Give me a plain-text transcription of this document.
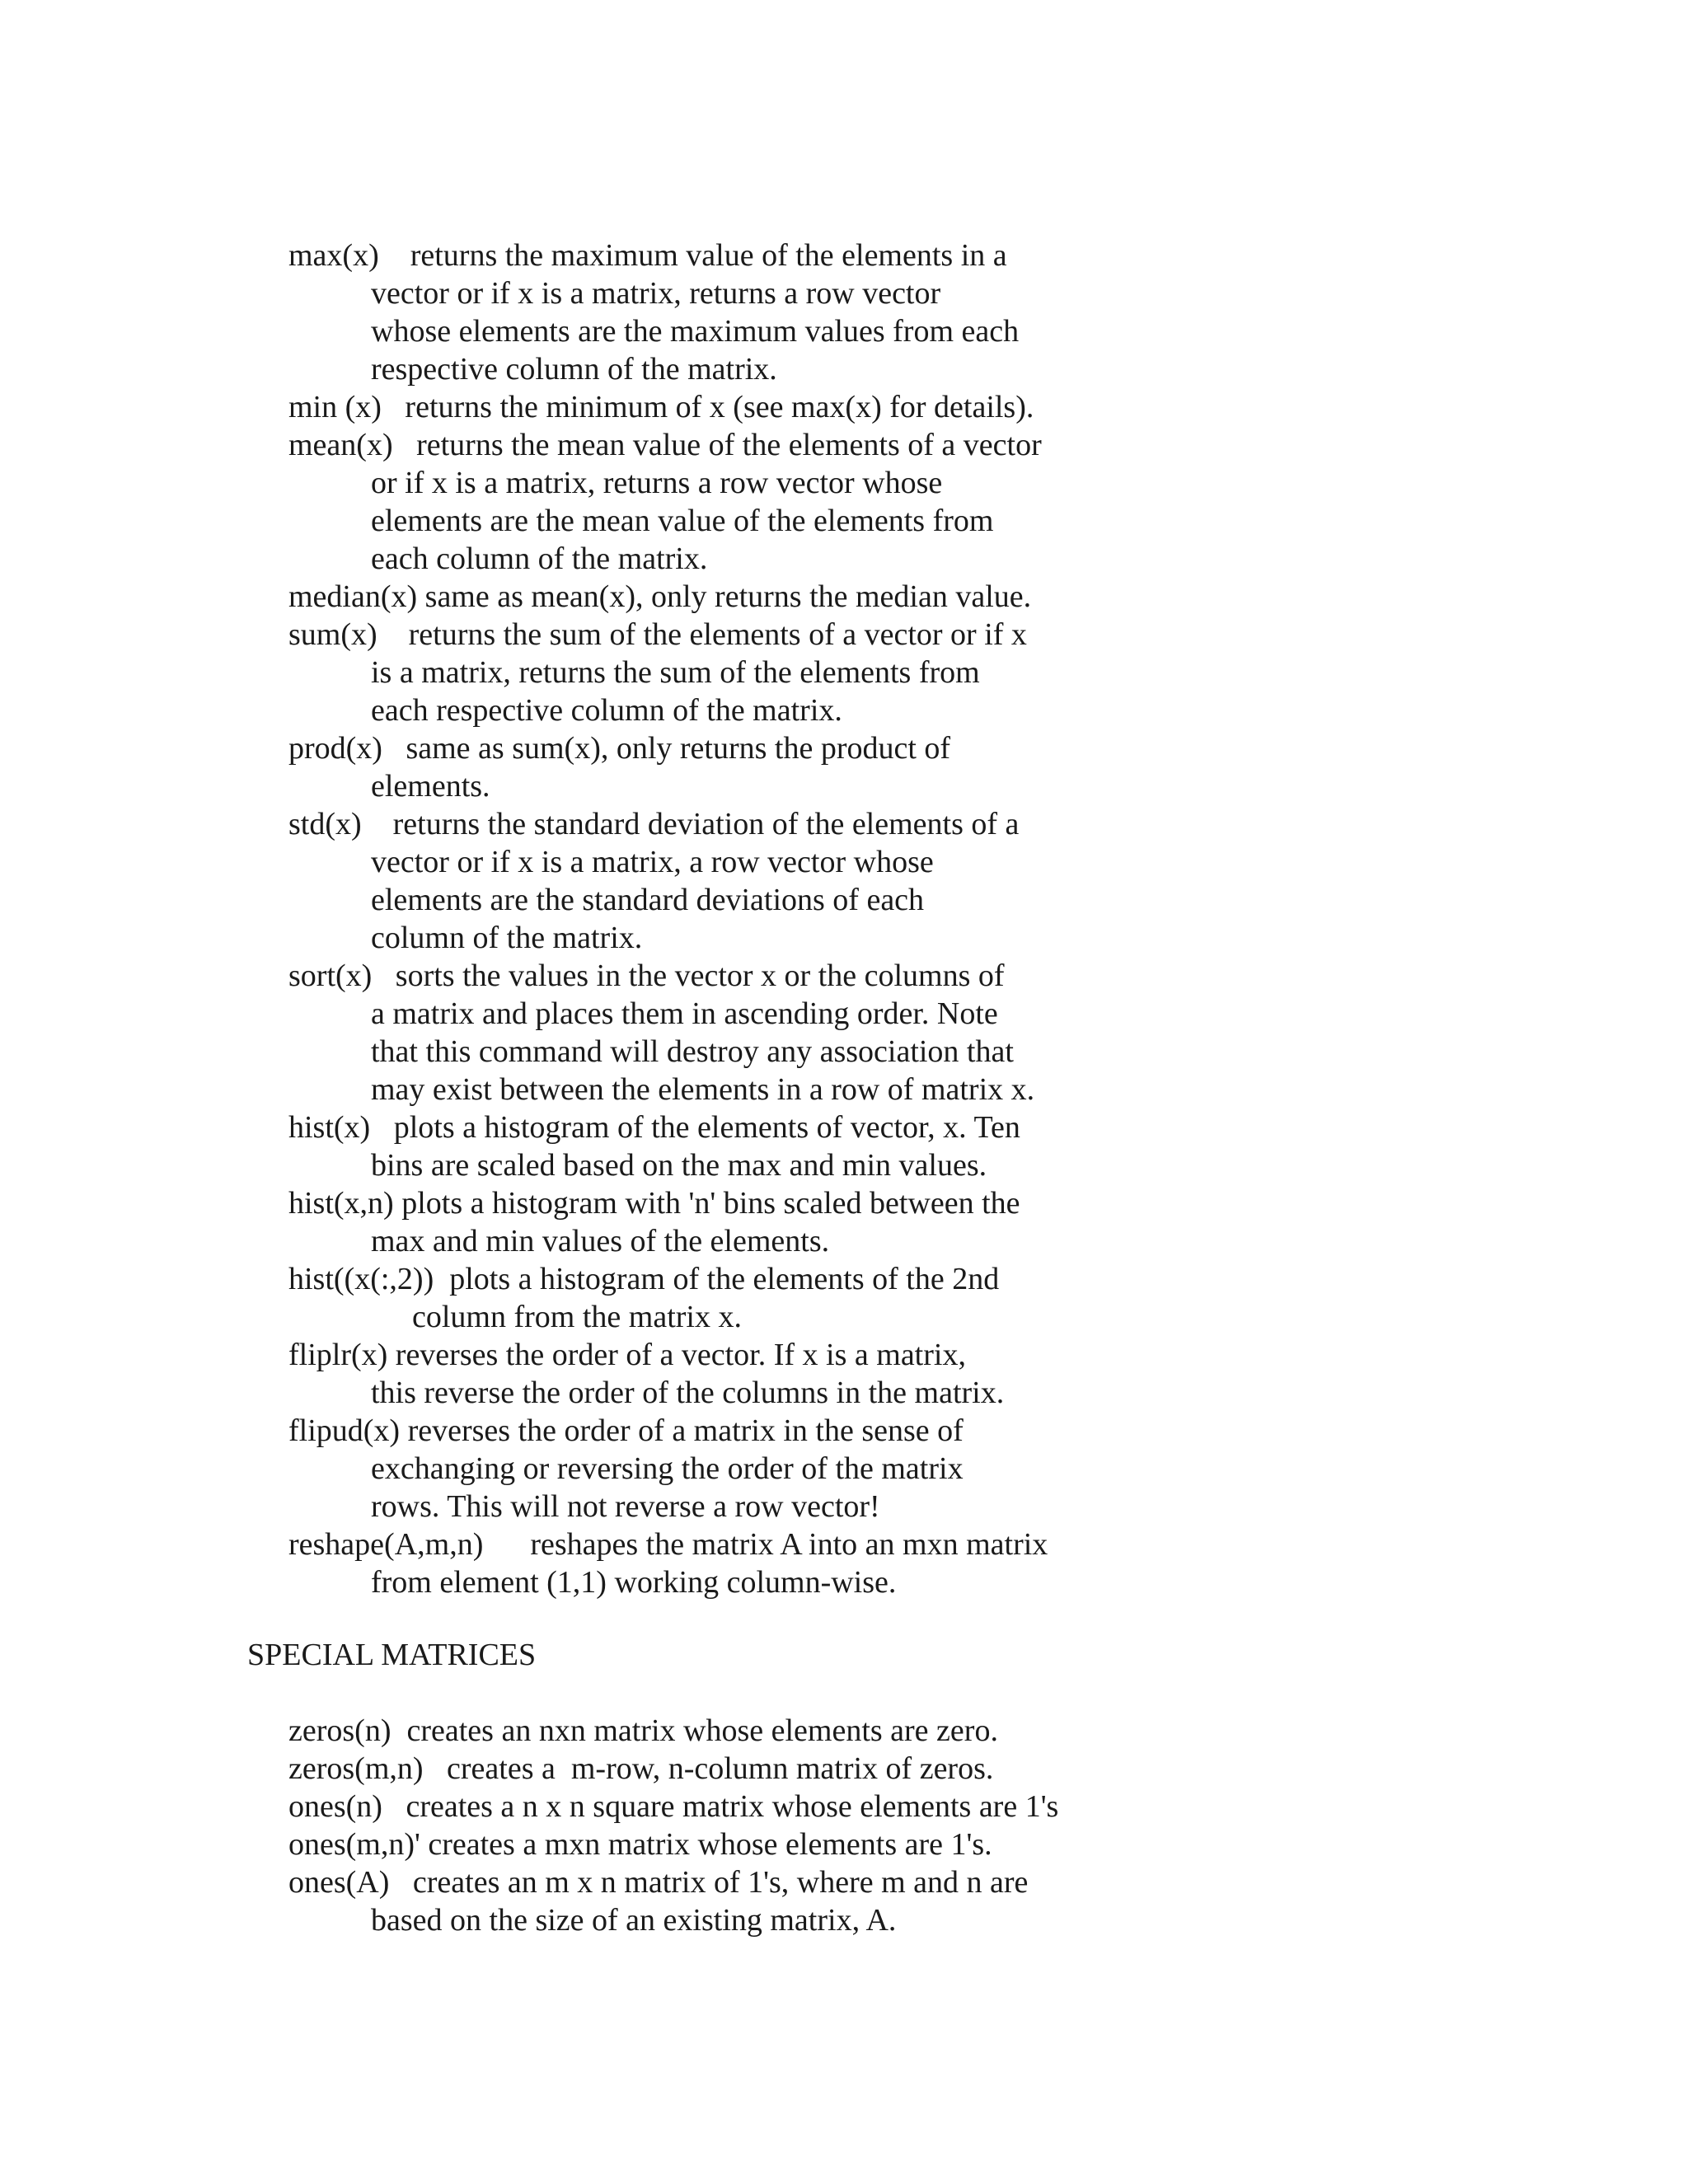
max(x)    returns the maximum value of the elements in a
vector or if x is a matrix, returns a row vector
whose elements are the maximum values from each
respective column of the matrix.
min (x)   returns the minimum of x (see max(x) for details).
mean(x)   returns the mean value of the elements of a vector
or if x is a matrix, returns a row vector whose
elements are the mean value of the elements from
each column of the matrix.
median(x) same as mean(x), only returns the median value.
sum(x)    returns the sum of the elements of a vector or if x
is a matrix, returns the sum of the elements from
each respective column of the matrix.
prod(x)   same as sum(x), only returns the product of
elements.
std(x)    returns the standard deviation of the elements of a
vector or if x is a matrix, a row vector whose
elements are the standard deviations of each
column of the matrix.
sort(x)   sorts the values in the vector x or the columns of
a matrix and places them in ascending order. Note
that this command will destroy any association that
may exist between the elements in a row of matrix x.
hist(x)   plots a histogram of the elements of vector, x. Ten
bins are scaled based on the max and min values.
hist(x,n) plots a histogram with 'n' bins scaled between the
max and min values of the elements.
hist((x(:,2))  plots a histogram of the elements of the 2nd
column from the matrix x.
fliplr(x) reverses the order of a vector. If x is a matrix,
this reverse the order of the columns in the matrix.
flipud(x) reverses the order of a matrix in the sense of
exchanging or reversing the order of the matrix
rows. This will not reverse a row vector!
reshape(A,m,n)      reshapes the matrix A into an mxn matrix
from element (1,1) working column-wise.
SPECIAL MATRICES
zeros(n)  creates an nxn matrix whose elements are zero.
zeros(m,n)   creates a  m-row, n-column matrix of zeros.
ones(n)   creates a n x n square matrix whose elements are 1's
ones(m,n)' creates a mxn matrix whose elements are 1's.
ones(A)   creates an m x n matrix of 1's, where m and n are
based on the size of an existing matrix, A.
